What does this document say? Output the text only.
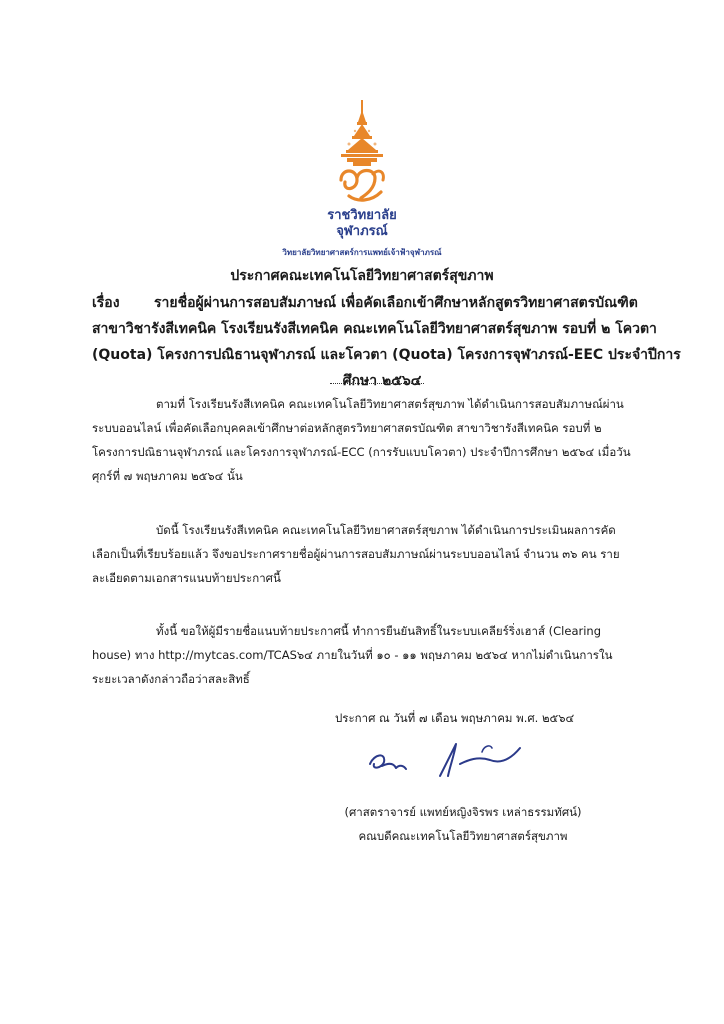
ราชวิทยาลัย
จุฬาภรณ์
วิทยาลัยวิทยาศาสตร์การแพทย์เจ้าฟ้าจุฬาภรณ์
ประกาศคณะเทคโนโลยีวิทยาศาสตร์สุขภาพ
เรื่อง	รายชื่อผู้ผ่านการสอบสัมภาษณ์ เพื่อคัดเลือกเข้าศึกษาหลักสูตรวิทยาศาสตรบัณฑิต
สาขาวิชารังสีเทคนิค โรงเรียนรังสีเทคนิค คณะเทคโนโลยีวิทยาศาสตร์สุขภาพ รอบที่ ๒ โควตา
(Quota) โครงการปณิธานจุฬาภรณ์ และโควตา (Quota) โครงการจุฬาภรณ์-EEC ประจำปีการ
ศึกษา ๒๕๖๔
ตามที่ โรงเรียนรังสีเทคนิค คณะเทคโนโลยีวิทยาศาสตร์สุขภาพ ได้ดำเนินการสอบสัมภาษณ์ผ่าน
ระบบออนไลน์ เพื่อคัดเลือกบุคคลเข้าศึกษาต่อหลักสูตรวิทยาศาสตรบัณฑิต สาขาวิชารังสีเทคนิค รอบที่ ๒
โครงการปณิธานจุฬาภรณ์ และโครงการจุฬาภรณ์-ECC (การรับแบบโควตา) ประจำปีการศึกษา ๒๕๖๔ เมื่อวัน
ศุกร์ที่ ๗ พฤษภาคม ๒๕๖๔ นั้น
บัดนี้ โรงเรียนรังสีเทคนิค คณะเทคโนโลยีวิทยาศาสตร์สุขภาพ ได้ดำเนินการประเมินผลการคัด
เลือกเป็นที่เรียบร้อยแล้ว จึงขอประกาศรายชื่อผู้ผ่านการสอบสัมภาษณ์ผ่านระบบออนไลน์ จำนวน ๓๖ คน ราย
ละเอียดตามเอกสารแนบท้ายประกาศนี้
ทั้งนี้ ขอให้ผู้มีรายชื่อแนบท้ายประกาศนี้ ทำการยืนยันสิทธิ์ในระบบเคลียร์ริ่งเฮาส์ (Clearing
house) ทาง http://mytcas.com/TCAS๖๔ ภายในวันที่ ๑๐ - ๑๑ พฤษภาคม ๒๕๖๔ หากไม่ดำเนินการใน
ระยะเวลาดังกล่าวถือว่าสละสิทธิ์
ประกาศ ณ วันที่ ๗ เดือน พฤษภาคม พ.ศ. ๒๕๖๔
(ศาสตราจารย์ แพทย์หญิงจิรพร เหล่าธรรมทัศน์)
คณบดีคณะเทคโนโลยีวิทยาศาสตร์สุขภาพ
